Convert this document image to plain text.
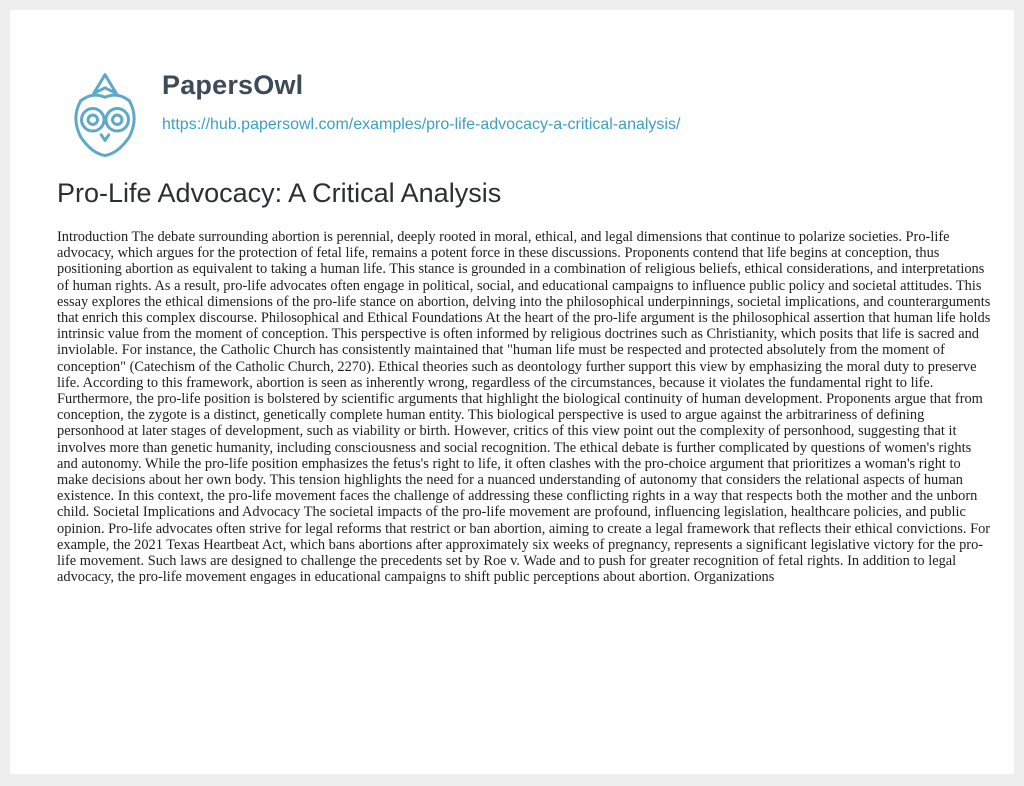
PapersOwl
https://hub.papersowl.com/examples/pro-life-advocacy-a-critical-analysis/
Pro-Life Advocacy: A Critical Analysis

Introduction The debate surrounding abortion is perennial, deeply rooted in moral, ethical, and legal dimensions that continue to polarize societies. Pro-life advocacy, which argues for the protection of fetal life, remains a potent force in these discussions. Proponents contend that life begins at conception, thus positioning abortion as equivalent to taking a human life. This stance is grounded in a combination of religious beliefs, ethical considerations, and interpretations of human rights. As a result, pro-life advocates often engage in political, social, and educational campaigns to influence public policy and societal attitudes. This essay explores the ethical dimensions of the pro-life stance on abortion, delving into the philosophical underpinnings, societal implications, and counterarguments that enrich this complex discourse. Philosophical and Ethical Foundations At the heart of the pro-life argument is the philosophical assertion that human life holds intrinsic value from the moment of conception. This perspective is often informed by religious doctrines such as Christianity, which posits that life is sacred and inviolable. For instance, the Catholic Church has consistently maintained that "human life must be respected and protected absolutely from the moment of conception" (Catechism of the Catholic Church, 2270). Ethical theories such as deontology further support this view by emphasizing the moral duty to preserve life. According to this framework, abortion is seen as inherently wrong, regardless of the circumstances, because it violates the fundamental right to life. Furthermore, the pro-life position is bolstered by scientific arguments that highlight the biological continuity of human development. Proponents argue that from conception, the zygote is a distinct, genetically complete human entity. This biological perspective is used to argue against the arbitrariness of defining personhood at later stages of development, such as viability or birth. However, critics of this view point out the complexity of personhood, suggesting that it involves more than genetic humanity, including consciousness and social recognition. The ethical debate is further complicated by questions of women's rights and autonomy. While the pro-life position emphasizes the fetus's right to life, it often clashes with the pro-choice argument that prioritizes a woman's right to make decisions about her own body. This tension highlights the need for a nuanced understanding of autonomy that considers the relational aspects of human existence. In this context, the pro-life movement faces the challenge of addressing these conflicting rights in a way that respects both the mother and the unborn child. Societal Implications and Advocacy The societal impacts of the pro-life movement are profound, influencing legislation, healthcare policies, and public opinion. Pro-life advocates often strive for legal reforms that restrict or ban abortion, aiming to create a legal framework that reflects their ethical convictions. For example, the 2021 Texas Heartbeat Act, which bans abortions after approximately six weeks of pregnancy, represents a significant legislative victory for the pro-life movement. Such laws are designed to challenge the precedents set by Roe v. Wade and to push for greater recognition of fetal rights. In addition to legal advocacy, the pro-life movement engages in educational campaigns to shift public perceptions about abortion. Organizations
